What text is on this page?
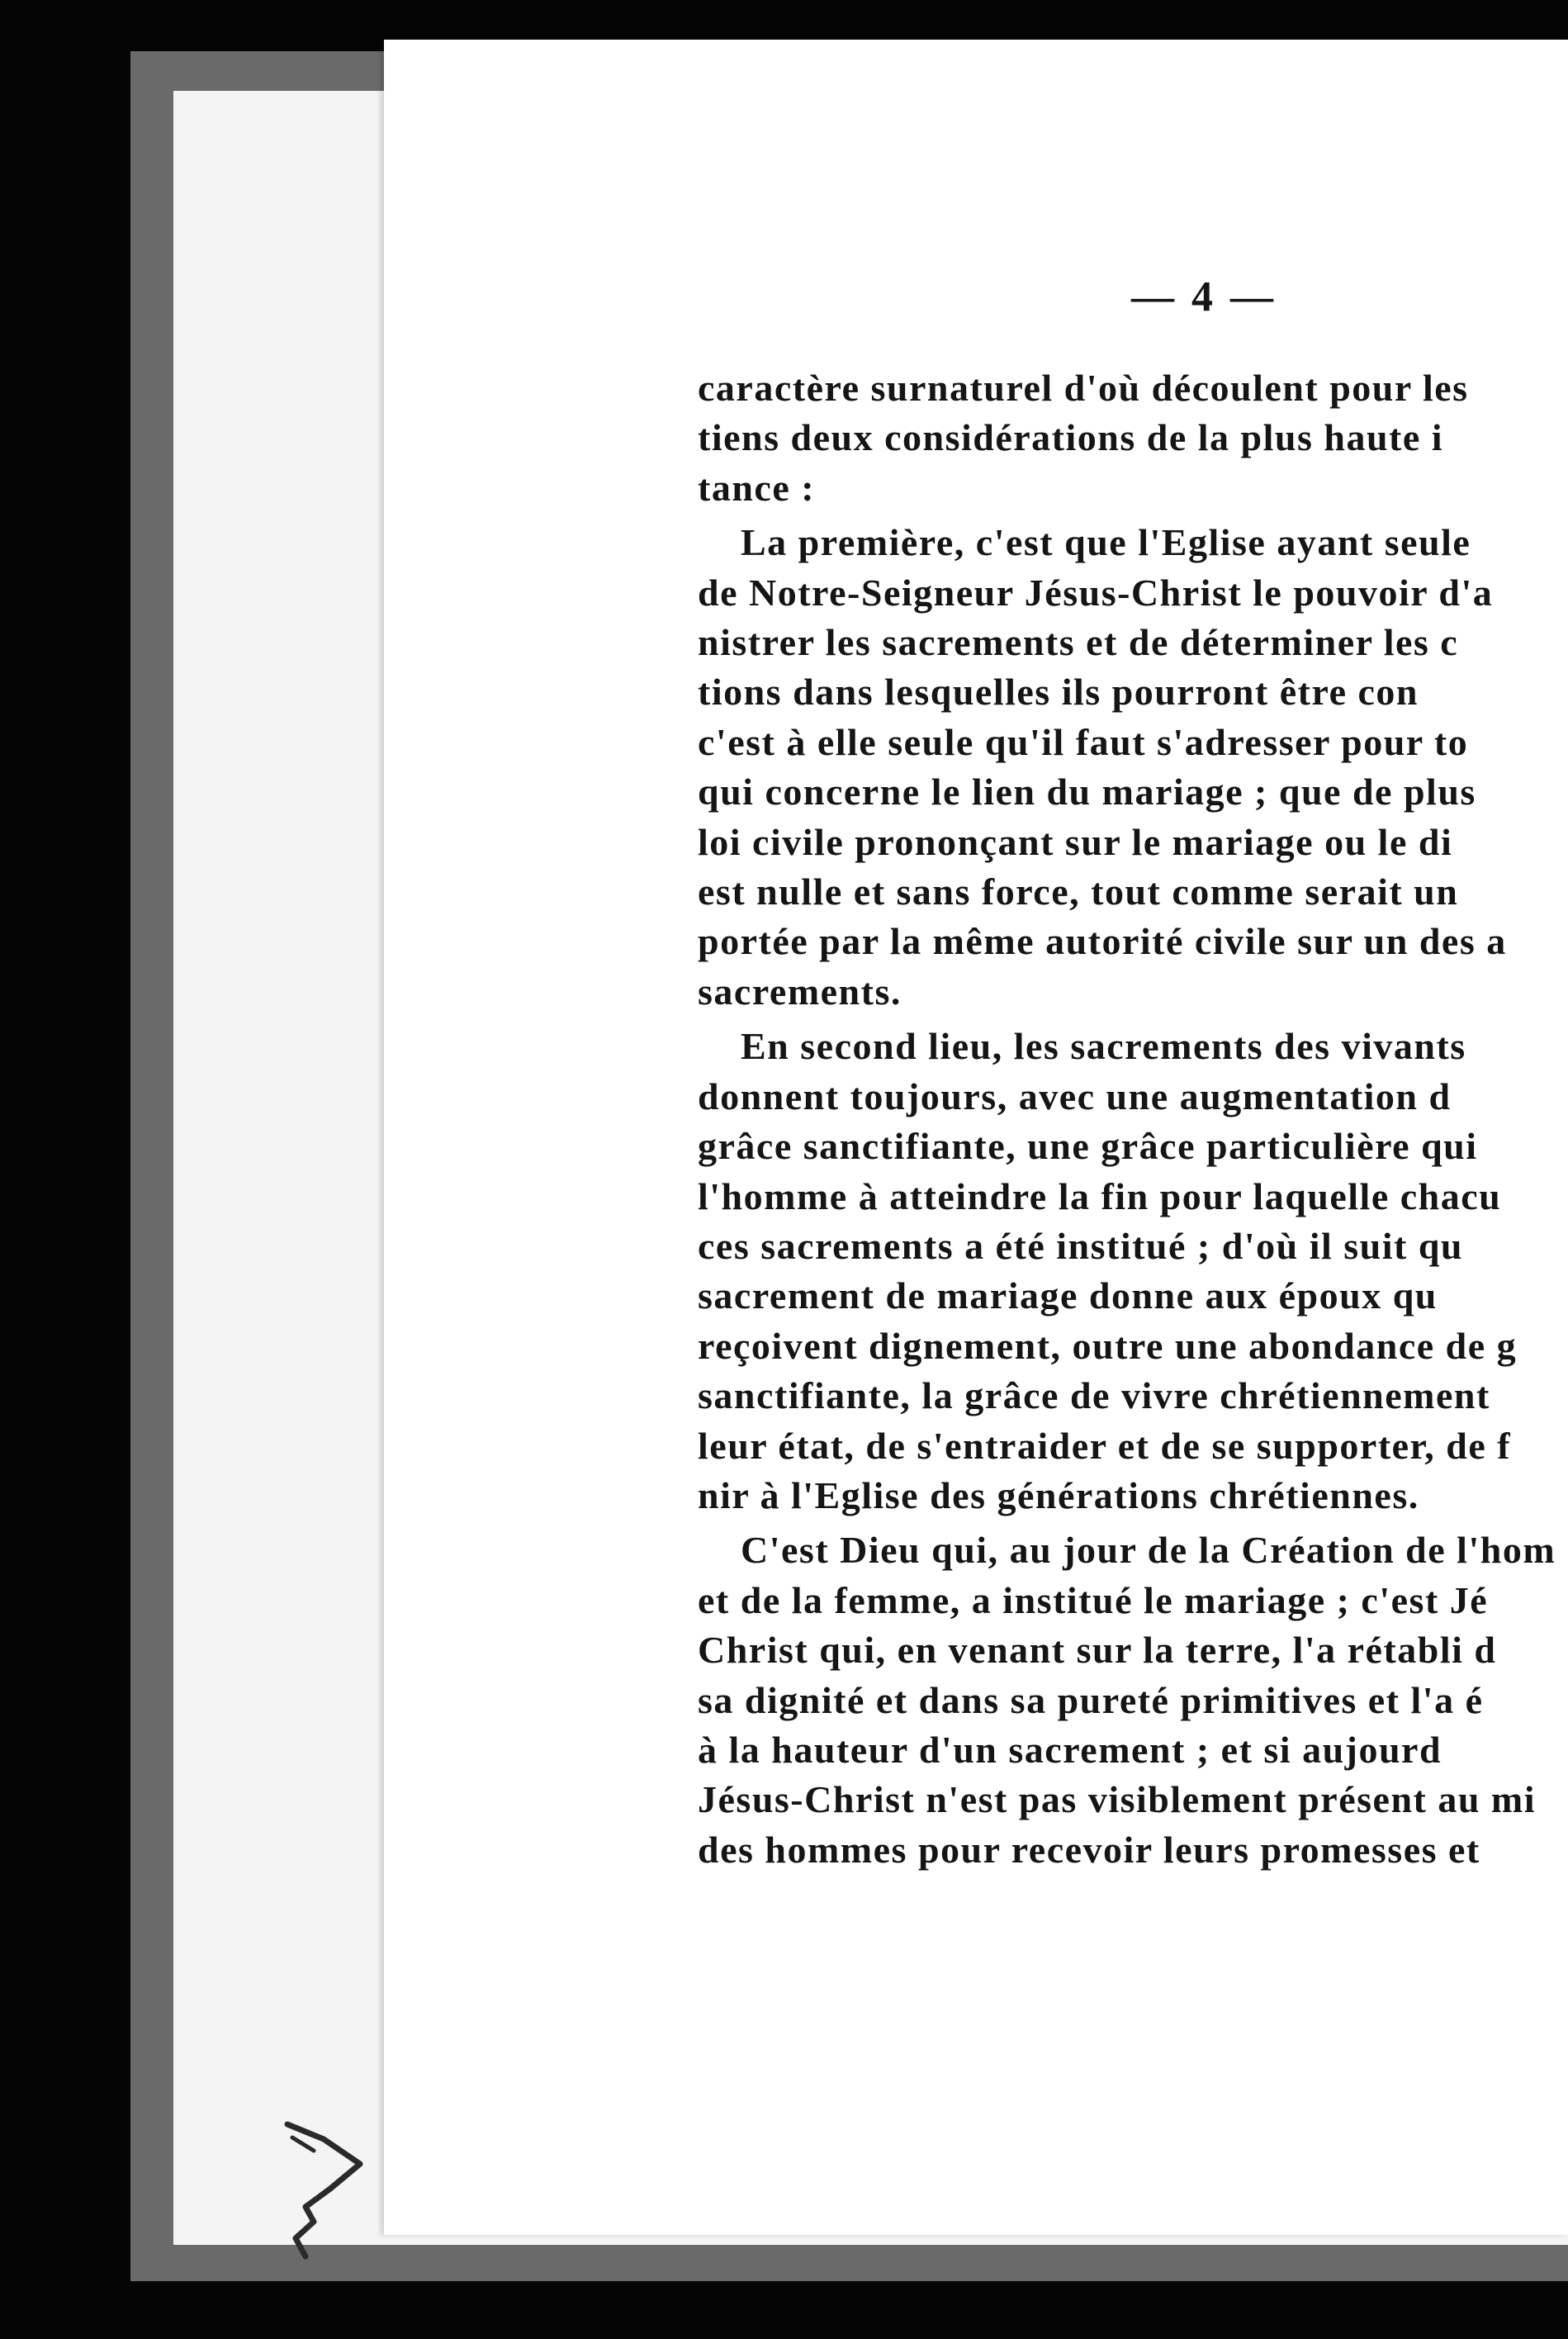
— 4 —
caractère surnaturel d'où découlent pour les
tiens deux considérations de la plus haute i
tance :
La première, c'est que l'Eglise ayant seule
de Notre-Seigneur Jésus-Christ le pouvoir d'a
nistrer les sacrements et de déterminer les c
tions dans lesquelles ils pourront être con
c'est à elle seule qu'il faut s'adresser pour to
qui concerne le lien du mariage ; que de plus
loi civile prononçant sur le mariage ou le di
est nulle et sans force, tout comme serait un
portée par la même autorité civile sur un des a
sacrements.
En second lieu, les sacrements des vivants
donnent toujours, avec une augmentation d
grâce sanctifiante, une grâce particulière qui
l'homme à atteindre la fin pour laquelle chacu
ces sacrements a été institué ; d'où il suit qu
sacrement de mariage donne aux époux qu
reçoivent dignement, outre une abondance de g
sanctifiante, la grâce de vivre chrétiennement
leur état, de s'entraider et de se supporter, de f
nir à l'Eglise des générations chrétiennes.
C'est Dieu qui, au jour de la Création de l'hom
et de la femme, a institué le mariage ; c'est Jé
Christ qui, en venant sur la terre, l'a rétabli d
sa dignité et dans sa pureté primitives et l'a é
à la hauteur d'un sacrement ; et si aujourd
Jésus-Christ n'est pas visiblement présent au mi
des hommes pour recevoir leurs promesses et
